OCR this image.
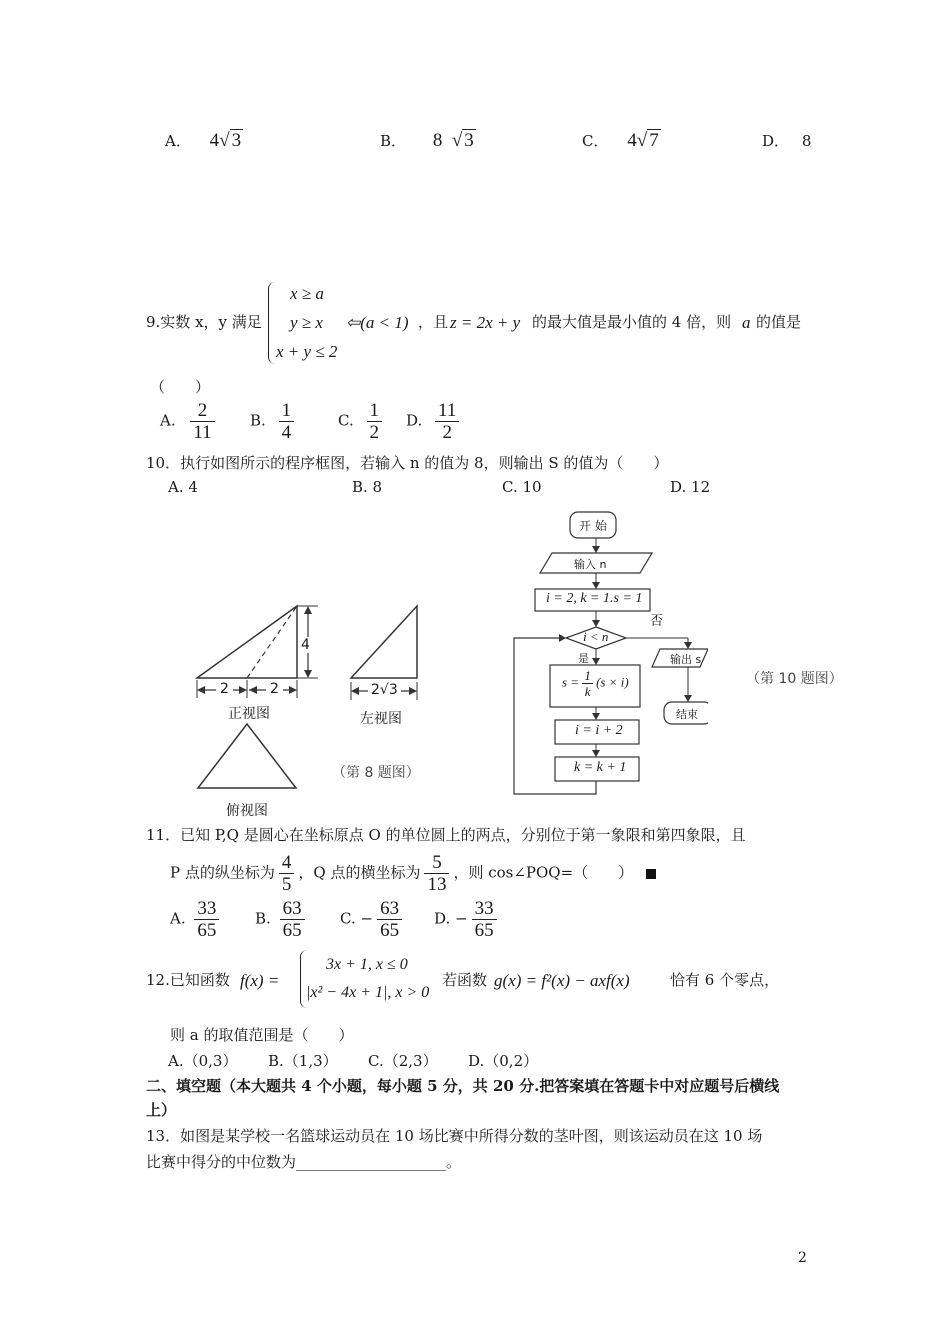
A． 4√ 3	B． 8  √ 3	C． 4√ 7	D． 8
9.实数 x，y 满足
x ≥ a
y ≥ x
x + y ≤ 2
⇦(a < 1) ，且 z = 2x + y 的最大值是最小值的 4 倍，则 a 的值是
（　　）
A. $\frac{2}{11} B$. $\frac{1}{4}$	C. $\frac{1}{2} D$. $\frac{11}{2}$
10．执行如图所示的程序框图，若输入 n 的值为 8，则输出 S 的值为（　　）
A. 4	B. 8	C. 10	D. 12
4
2	2	2√3
正视图	左视图
俯视图
（第 8 题图）
开 始
输入 n
i = 2, k = 1.s = 1
i < n
否
是
$s = \frac{1}{k} (s \times i)$
i = i + 2
k = k + 1
输出 s
结束
（第 10 题图）
11．已知 P,Q 是圆心在坐标原点 O 的单位圆上的两点，分别位于第一象限和第四象限，且
P 点的纵坐标为 $\frac{4}{5}$ ，Q 点的横坐标为 $\frac{5}{13}$ ，则 cos∠POQ=（　　）
A. $\frac{33}{65} B$. $\frac{63}{65} C$. − $\frac{63}{65} D$. − $\frac{33}{65}$
12.已知函数 f(x) =
3x + 1, x ≤ 0
|x² − 4x + 1|, x > 0
若函数 g(x) = f²(x) − axf(x)	恰有 6 个零点，
则 a 的取值范围是（　　）
A.（0,3） B.（1,3） C.（2,3） D.（0,2）
二、填空题（本大题共 4 个小题，每小题 5 分，共 20 分.把答案填在答题卡中对应题号后横线
上）
13．如图是某学校一名篮球运动员在 10 场比赛中所得分数的茎叶图，则该运动员在这 10 场
比赛中得分的中位数为____________________。
2
